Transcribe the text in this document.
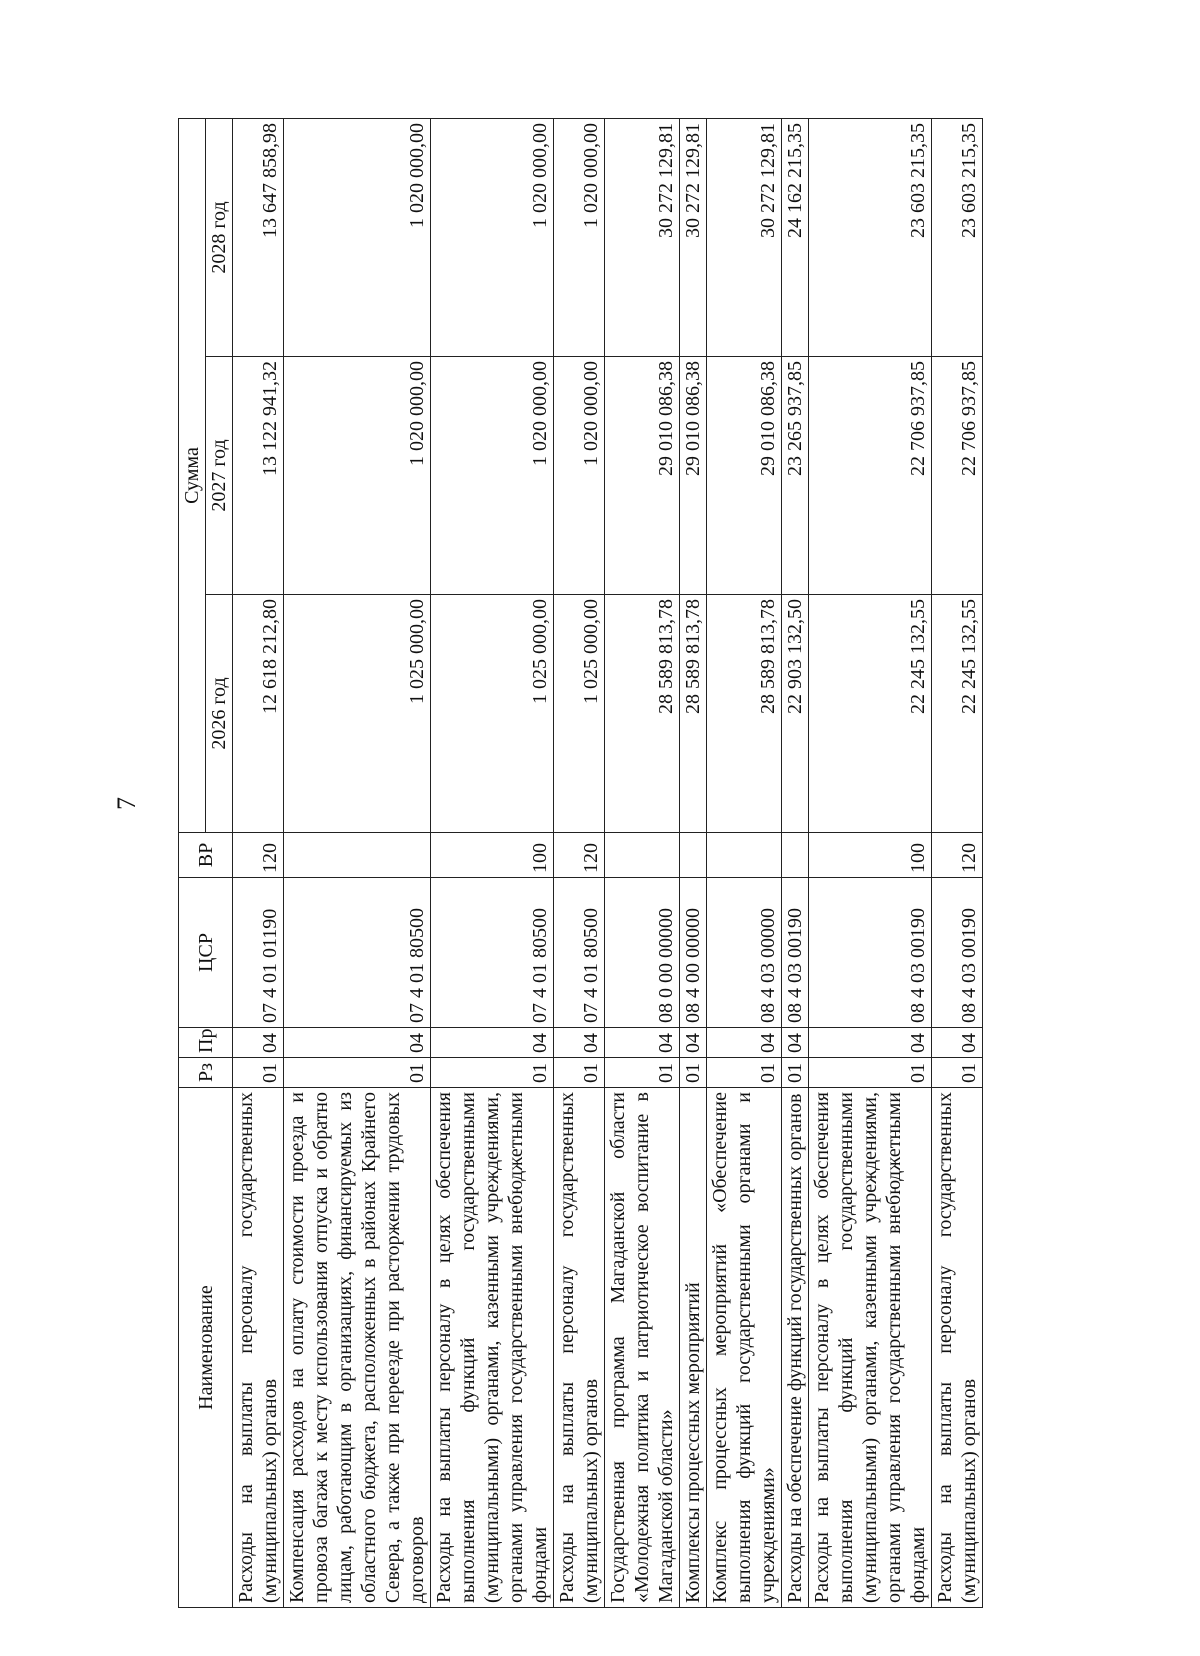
7
Наименование	Рз	Пр	ЦСР	ВР	Сумма		
					2026 год	2027 год	2028 год
Расходы на выплаты персоналу государственных (муниципальных) органов	01	04	07 4 01 01190	120	12 618 212,80	13 122 941,32	13 647 858,98
Компенсация расходов на оплату стоимости проезда и провоза багажа к месту использования отпуска и обратно лицам, работающим в организациях, финансируемых из областного бюджета, расположенных в районах Крайнего Севера, а также при переезде при расторжении трудовых договоров	01	04	07 4 01 80500		1 025 000,00	1 020 000,00	1 020 000,00
Расходы на выплаты персоналу в целях обеспечения выполнения функций государственными (муниципальными) органами, казенными учреждениями, органами управления государственными внебюджетными фондами	01	04	07 4 01 80500	100	1 025 000,00	1 020 000,00	1 020 000,00
Расходы на выплаты персоналу государственных (муниципальных) органов	01	04	07 4 01 80500	120	1 025 000,00	1 020 000,00	1 020 000,00
Государственная программа Магаданской области «Молодежная политика и патриотическое воспитание в Магаданской области»	01	04	08 0 00 00000		28 589 813,78	29 010 086,38	30 272 129,81
Комплексы процессных мероприятий	01	04	08 4 00 00000		28 589 813,78	29 010 086,38	30 272 129,81
Комплекс процессных мероприятий «Обеспечение выполнения функций государственными органами и учреждениями»	01	04	08 4 03 00000		28 589 813,78	29 010 086,38	30 272 129,81
Расходы на обеспечение функций государственных органов	01	04	08 4 03 00190		22 903 132,50	23 265 937,85	24 162 215,35
Расходы на выплаты персоналу в целях обеспечения выполнения функций государственными (муниципальными) органами, казенными учреждениями, органами управления государственными внебюджетными фондами	01	04	08 4 03 00190	100	22 245 132,55	22 706 937,85	23 603 215,35
Расходы на выплаты персоналу государственных (муниципальных) органов	01	04	08 4 03 00190	120	22 245 132,55	22 706 937,85	23 603 215,35
